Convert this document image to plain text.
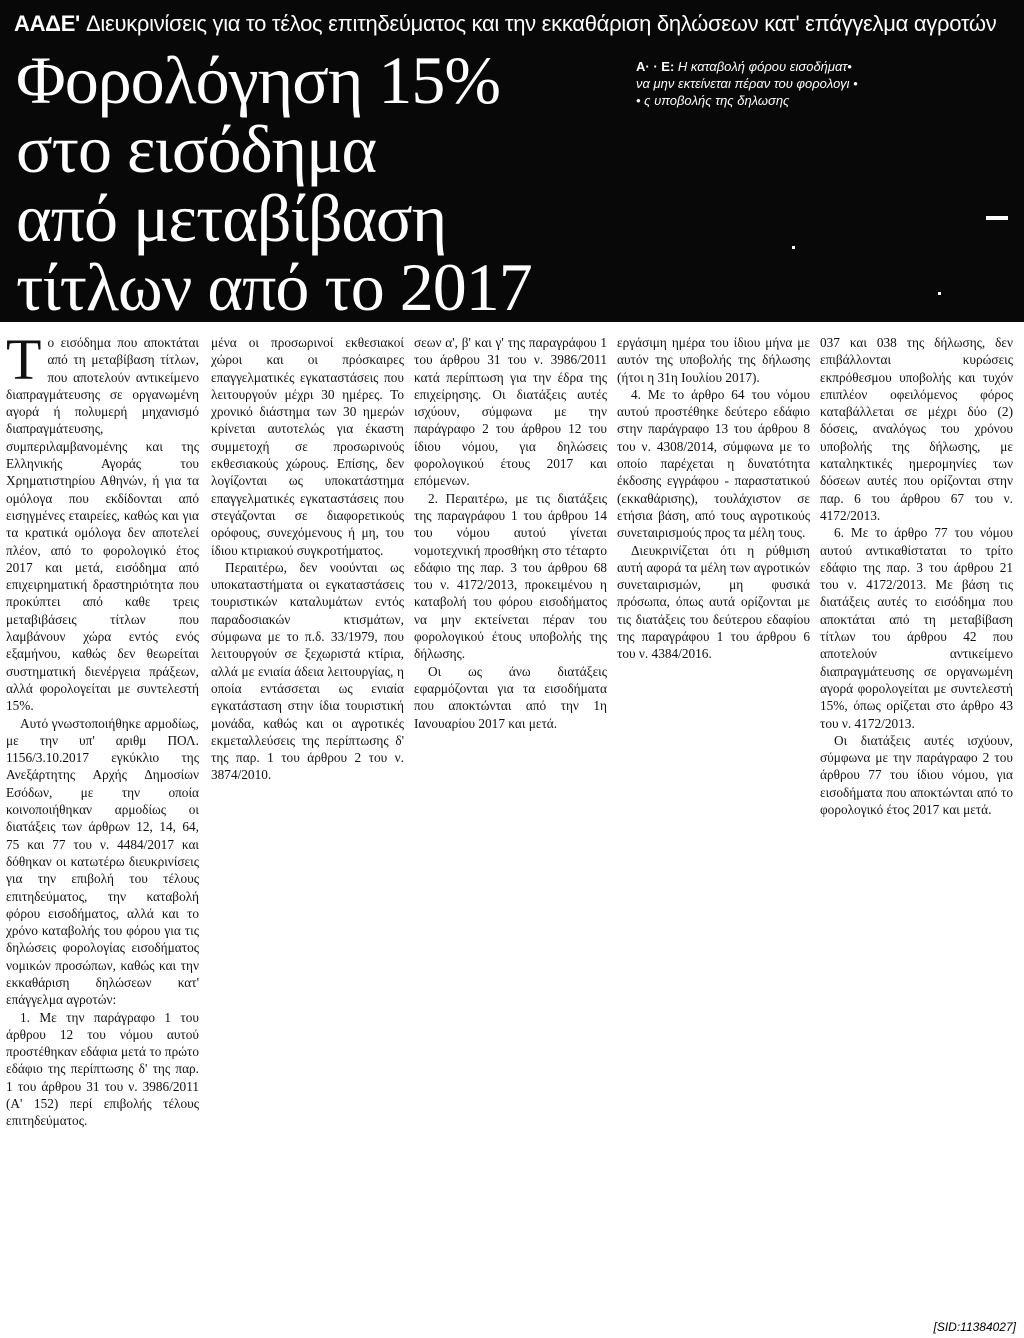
ΑΑΔΕ' Διευκρινίσεις για το τέλος επιτηδεύματος και την εκκαθάριση δηλώσεων κατ' επάγγελμα αγροτών
Φορολόγηση 15%
στο εισόδημα
από μεταβίβαση
τίτλων από το 2017
Α· · Ε: Η καταβολή φόρου εισοδήματ•
να μην εκτείνεται πέραν του φορολογι •
• ς υποβολής της δηλωσης
Τ ο εισόδημα που αποκτάται από τη μεταβίβαση τίτλων, που αποτελούν αντικείμενο διαπραγμάτευσης σε οργανωμένη αγορά ή πολυμερή μηχανισμό διαπραγμάτευσης, συμπεριλαμβανομένης και της Ελληνικής Αγοράς του Χρηματιστηρίου Αθηνών, ή για τα ομόλογα που εκδίδονται από εισηγμένες εταιρείες, καθώς και για τα κρατικά ομόλογα δεν αποτελεί πλέον, από το φορολογικό έτος 2017 και μετά, εισόδημα από επιχειρηματική δραστηριότητα που προκύπτει από καθε τρεις μεταβιβάσεις τίτλων που λαμβάνουν χώρα εντός ενός εξαμήνου, καθώς δεν θεωρείται συστηματική διενέργεια πράξεων, αλλά φορολογείται με συντελεστή 15%.

Αυτό γνωστοποιήθηκε αρμοδίως, με την υπ' αριθμ ΠΟΛ. 1156/3.10.2017 εγκύκλιο της Ανεξάρτητης Αρχής Δημοσίων Εσόδων, με την οποία κοινοποιήθηκαν αρμοδίως οι διατάξεις των άρθρων 12, 14, 64, 75 και 77 του ν. 4484/2017 και δόθηκαν οι κατωτέρω διευκρινίσεις για την επιβολή του τέλους επιτηδεύματος, την καταβολή φόρου εισοδήματος, αλλά και το χρόνο καταβολής του φόρου για τις δηλώσεις φορολογίας εισοδήματος νομικών προσώπων, καθώς και την εκκαθάριση δηλώσεων κατ' επάγγελμα αγροτών:

1. Με την παράγραφο 1 του άρθρου 12 του νόμου αυτού προστέθηκαν εδάφια μετά το πρώτο εδάφιο της περίπτωσης δ' της παρ. 1 του άρθρου 31 του ν. 3986/2011 (Α' 152) περί επιβολής τέλους επιτηδεύματος.

μένα οι προσωρινοί εκθεσιακοί χώροι και οι πρόσκαιρες επαγγελματικές εγκαταστάσεις που λειτουργούν μέχρι 30 ημέρες. Το χρονικό διάστημα των 30 ημερών κρίνεται αυτοτελώς για έκαστη συμμετοχή σε προσωρινούς εκθεσιακούς χώρους. Επίσης, δεν λογίζονται ως υποκατάστημα επαγγελματικές εγκαταστάσεις που στεγάζονται σε διαφορετικούς ορόφους, συνεχόμενους ή μη, του ίδιου κτιριακού συγκροτήματος.

Περαιτέρω, δεν νοούνται ως υποκαταστήματα οι εγκαταστάσεις τουριστικών καταλυμάτων εντός παραδοσιακών κτισμάτων, σύμφωνα με το π.δ. 33/1979, που λειτουργούν σε ξεχωριστά κτίρια, αλλά με ενιαία άδεια λειτουργίας, η οποία εντάσσεται ως ενιαία εγκατάσταση στην ίδια τουριστική μονάδα, καθώς και οι αγροτικές εκμεταλλεύσεις της περίπτωσης δ' της παρ. 1 του άρθρου 2 του ν. 3874/2010.

σεων α', β' και γ' της παραγράφου 1 του άρθρου 31 του ν. 3986/2011 κατά περίπτωση για την έδρα της επιχείρησης. Οι διατάξεις αυτές ισχύουν, σύμφωνα με την παράγραφο 2 του άρθρου 12 του ίδιου νόμου, για δηλώσεις φορολογικού έτους 2017 και επόμενων.

2. Περαιτέρω, με τις διατάξεις της παραγράφου 1 του άρθρου 14 του νόμου αυτού γίνεται νομοτεχνική προσθήκη στο τέταρτο εδάφιο της παρ. 3 του άρθρου 68 του ν. 4172/2013, προκειμένου η καταβολή του φόρου εισοδήματος να μην εκτείνεται πέραν του φορολογικού έτους υποβολής της δήλωσης.

Οι ως άνω διατάξεις εφαρμόζονται για τα εισοδήματα που αποκτώνται από την 1η Ιανουαρίου 2017 και μετά.

εργάσιμη ημέρα του ίδιου μήνα με αυτόν της υποβολής της δήλωσης (ήτοι η 31η Ιουλίου 2017).

4. Με το άρθρο 64 του νόμου αυτού προστέθηκε δεύτερο εδάφιο στην παράγραφο 13 του άρθρου 8 του ν. 4308/2014, σύμφωνα με το οποίο παρέχεται η δυνατότητα έκδοσης εγγράφου - παραστατικού (εκκαθάρισης), τουλάχιστον σε ετήσια βάση, από τους αγροτικούς συνεταιρισμούς προς τα μέλη τους.

Διευκρινίζεται ότι η ρύθμιση αυτή αφορά τα μέλη των αγροτικών συνεταιρισμών, μη φυσικά πρόσωπα, όπως αυτά ορίζονται με τις διατάξεις του δεύτερου εδαφίου της παραγράφου 1 του άρθρου 6 του ν. 4384/2016.

037 και 038 της δήλωσης, δεν επιβάλλονται κυρώσεις εκπρόθεσμου υποβολής και τυχόν επιπλέον οφειλόμενος φόρος καταβάλλεται σε μέχρι δύο (2) δόσεις, αναλόγως του χρόνου υποβολής της δήλωσης, με καταληκτικές ημερομηνίες των δόσεων αυτές που ορίζονται στην παρ. 6 του άρθρου 67 του ν. 4172/2013.

6. Με το άρθρο 77 του νόμου αυτού αντικαθίσταται το τρίτο εδάφιο της παρ. 3 του άρθρου 21 του ν. 4172/2013. Με βάση τις διατάξεις αυτές το εισόδημα που αποκτάται από τη μεταβίβαση τίτλων του άρθρου 42 που αποτελούν αντικείμενο διαπραγμάτευσης σε οργανωμένη αγορά φορολογείται με συντελεστή 15%, όπως ορίζεται στο άρθρο 43 του ν. 4172/2013.

Οι διατάξεις αυτές ισχύουν, σύμφωνα με την παράγραφο 2 του άρθρου 77 του ίδιου νόμου, για εισοδήματα που αποκτώνται από το φορολογικό έτος 2017 και μετά.

[SID:11384027]
